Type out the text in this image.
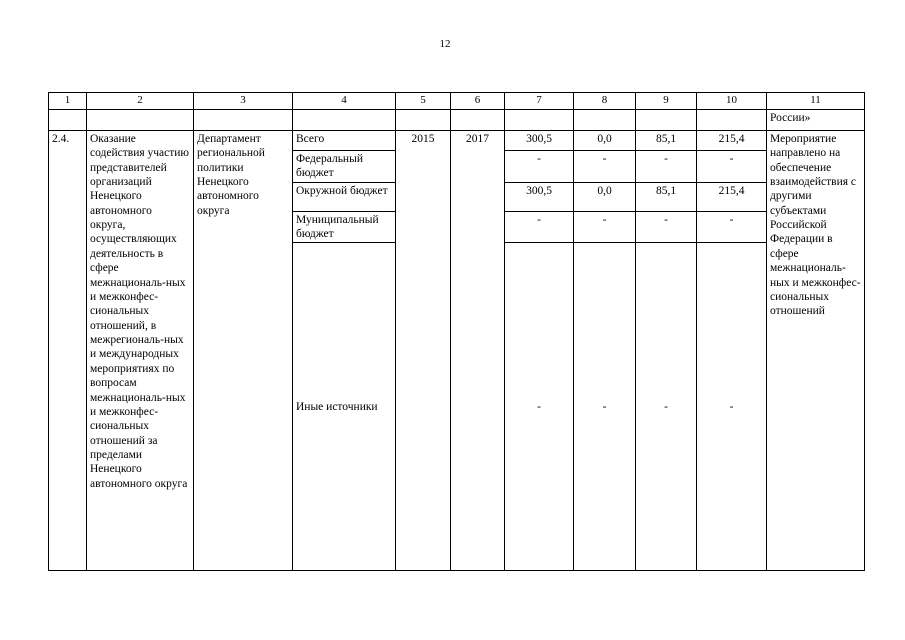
12
1	2	3	4	5	6	7	8	9	10	11
										России»
2.4.	Оказание содействия участию представителей организаций Ненецкого автономного округа, осуществляющих деятельность в сфере межнациональ-ных и межконфес-сиональных отношений, в межрегиональ-ных и международных мероприятиях по вопросам межнациональ-ных и межконфес-сиональных отношений за пределами Ненецкого автономного округа	Департамент региональной политики Ненецкого автономного округа	Всего	2015	2017	300,5	0,0	85,1	215,4	Мероприятие направлено на обеспечение взаимодействия с другими субъектами Российской Федерации в сфере межнациональ-ных и межконфес-сиональных отношений
			Федеральный бюджет			-	-	-	-	
			Окружной бюджет			300,5	0,0	85,1	215,4	
			Муниципальный бюджет			-	-	-	-	
			Иные источники			-	-	-	-	
